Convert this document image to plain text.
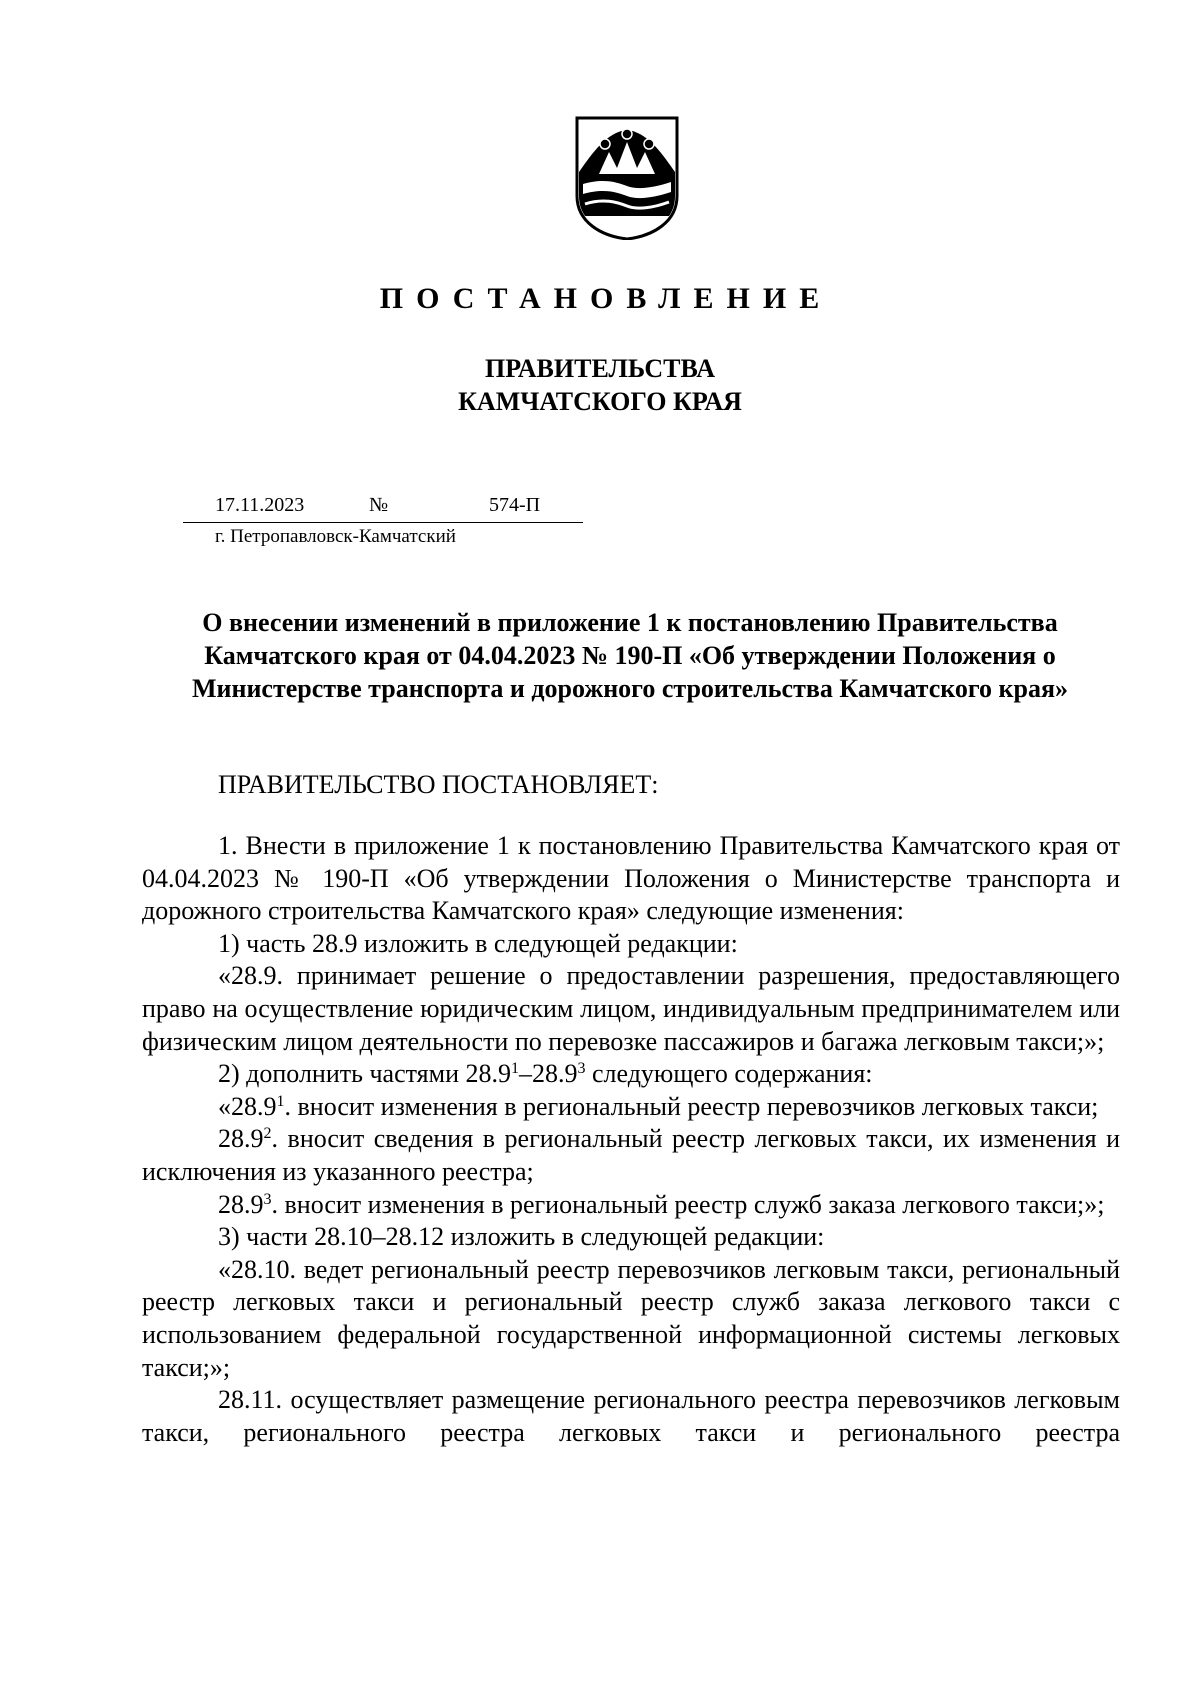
ПОСТАНОВЛЕНИЕ
ПРАВИТЕЛЬСТВА
КАМЧАТСКОГО КРАЯ
17.11.2023	№	574-П
г. Петропавловск-Камчатский
О внесении изменений в приложение 1 к постановлению Правительства
Камчатского края от 04.04.2023 № 190-П «Об утверждении Положения о
Министерстве транспорта и дорожного строительства Камчатского края»
ПРАВИТЕЛЬСТВО ПОСТАНОВЛЯЕТ:

1. Внести в приложение 1 к постановлению Правительства Камчатского края от 04.04.2023 № 190-П «Об утверждении Положения о Министерстве транспорта и дорожного строительства Камчатского края» следующие изменения:

1) часть 28.9 изложить в следующей редакции:

«28.9. принимает решение о предоставлении разрешения, предоставляющего право на осуществление юридическим лицом, индивидуальным предпринимателем или физическим лицом деятельности по перевозке пассажиров и багажа легковым такси;»;

2) дополнить частями 28.9$^1$–28.9$^3$ следующего содержания:

«28.9$^1$. вносит изменения в региональный реестр перевозчиков легковых такси;

28.9$^2$. вносит сведения в региональный реестр легковых такси, их изменения и исключения из указанного реестра;

28.9$^3$. вносит изменения в региональный реестр служб заказа легкового такси;»;

3) части 28.10–28.12 изложить в следующей редакции:

«28.10. ведет региональный реестр перевозчиков легковым такси, региональный реестр легковых такси и региональный реестр служб заказа легкового такси с использованием федеральной государственной информационной системы легковых такси;»;

28.11. осуществляет размещение регионального реестра перевозчиков легковым такси, регионального реестра легковых такси и регионального реестра
